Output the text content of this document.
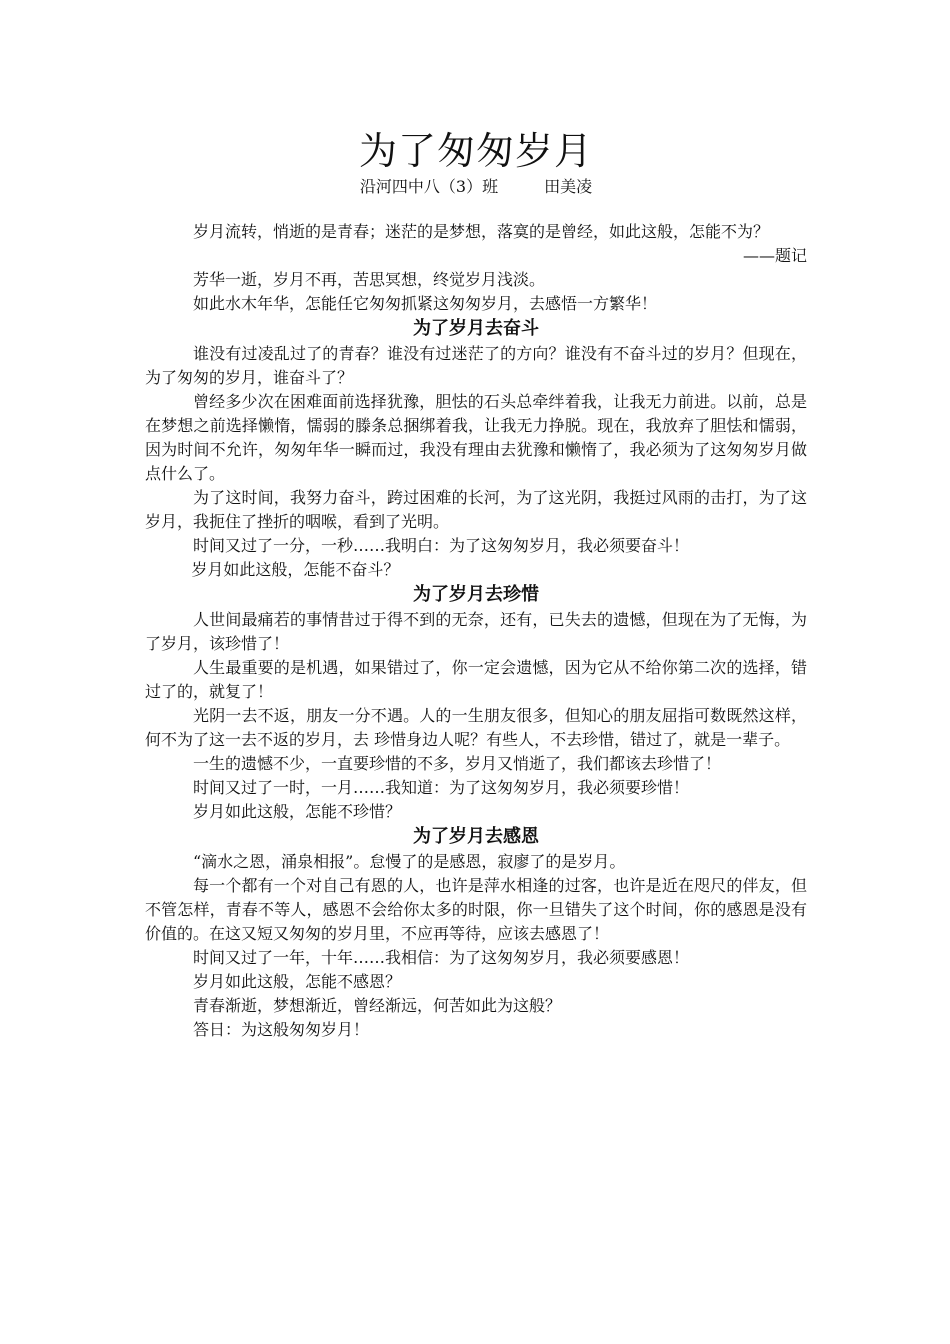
为了匆匆岁月
沿河四中八（3）班	田美凌

岁月流转，悄逝的是青春；迷茫的是梦想，落寞的是曾经，如此这般，怎能不为？

——题记

芳华一逝，岁月不再，苦思冥想，终觉岁月浅淡。

如此水木年华，怎能任它匆匆抓紧这匆匆岁月，去感悟一方繁华！

为了岁月去奋斗

谁没有过凌乱过了的青春？谁没有过迷茫了的方向？谁没有不奋斗过的岁月？但现在，为了匆匆的岁月，谁奋斗了？

曾经多少次在困难面前选择犹豫，胆怯的石头总牵绊着我，让我无力前进。以前，总是在梦想之前选择懒惰，懦弱的滕条总捆绑着我，让我无力挣脱。现在，我放弃了胆怯和懦弱，因为时间不允许，匆匆年华一瞬而过，我没有理由去犹豫和懒惰了，我必须为了这匆匆岁月做点什么了。

为了这时间，我努力奋斗，跨过困难的长河，为了这光阴，我挺过风雨的击打，为了这岁月，我扼住了挫折的咽喉，看到了光明。

时间又过了一分，一秒……我明白：为了这匆匆岁月，我必须要奋斗！

岁月如此这般，怎能不奋斗？

为了岁月去珍惜

人世间最痛若的事情昔过于得不到的无奈，还有，已失去的遗憾，但现在为了无悔，为了岁月，该珍惜了！

人生最重要的是机遇，如果错过了，你一定会遗憾，因为它从不给你第二次的选择，错过了的，就复了！

光阴一去不返，朋友一分不遇。人的一生朋友很多，但知心的朋友屈指可数既然这样，何不为了这一去不返的岁月，去 珍惜身边人呢？有些人，不去珍惜，错过了，就是一辈子。

一生的遗憾不少，一直要珍惜的不多，岁月又悄逝了，我们都该去珍惜了！

时间又过了一时，一月……我知道：为了这匆匆岁月，我必须要珍惜！

岁月如此这般，怎能不珍惜？

为了岁月去感恩

“滴水之恩，涌泉相报”。怠慢了的是感恩，寂廖了的是岁月。

每一个都有一个对自己有恩的人，也许是萍水相逢的过客，也许是近在咫尺的伴友，但不管怎样，青春不等人，感恩不会给你太多的时限，你一旦错失了这个时间，你的感恩是没有价值的。在这又短又匆匆的岁月里，不应再等待，应该去感恩了！

时间又过了一年，十年……我相信：为了这匆匆岁月，我必须要感恩！

岁月如此这般，怎能不感恩？

青春渐逝，梦想渐近，曾经渐远，何苦如此为这般？

答日：为这般匆匆岁月！
